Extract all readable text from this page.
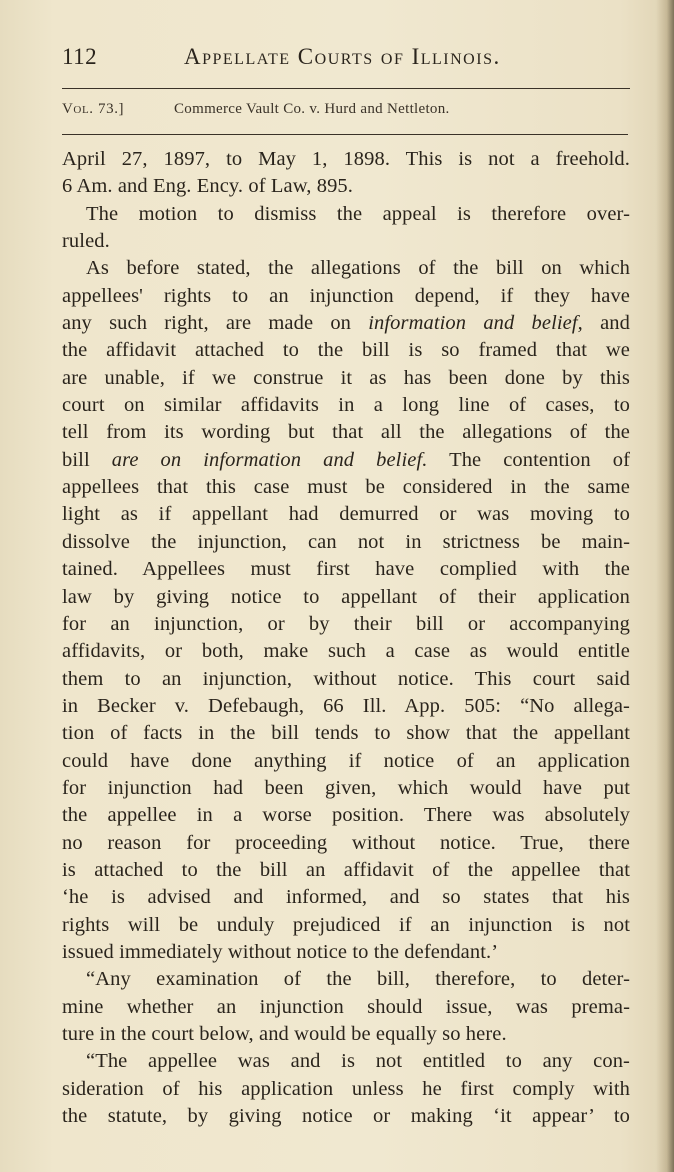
112	Appellate Courts of Illinois.
Vol. 73.]	Commerce Vault Co. v. Hurd and Nettleton.
April 27, 1897, to May 1, 1898. This is not a freehold.
6 Am. and Eng. Ency. of Law, 895.
The motion to dismiss the appeal is therefore over-
ruled.
As before stated, the allegations of the bill on which
appellees' rights to an injunction depend, if they have
any such right, are made on information and belief, and
the affidavit attached to the bill is so framed that we
are unable, if we construe it as has been done by this
court on similar affidavits in a long line of cases, to
tell from its wording but that all the allegations of the
bill are on information and belief. The contention of
appellees that this case must be considered in the same
light as if appellant had demurred or was moving to
dissolve the injunction, can not in strictness be main-
tained. Appellees must first have complied with the
law by giving notice to appellant of their application
for an injunction, or by their bill or accompanying
affidavits, or both, make such a case as would entitle
them to an injunction, without notice. This court said
in Becker v. Defebaugh, 66 Ill. App. 505: “No allega-
tion of facts in the bill tends to show that the appellant
could have done anything if notice of an application
for injunction had been given, which would have put
the appellee in a worse position. There was absolutely
no reason for proceeding without notice. True, there
is attached to the bill an affidavit of the appellee that
‘he is advised and informed, and so states that his
rights will be unduly prejudiced if an injunction is not
issued immediately without notice to the defendant.’
“Any examination of the bill, therefore, to deter-
mine whether an injunction should issue, was prema-
ture in the court below, and would be equally so here.
“The appellee was and is not entitled to any con-
sideration of his application unless he first comply with
the statute, by giving notice or making ‘it appear’ to
